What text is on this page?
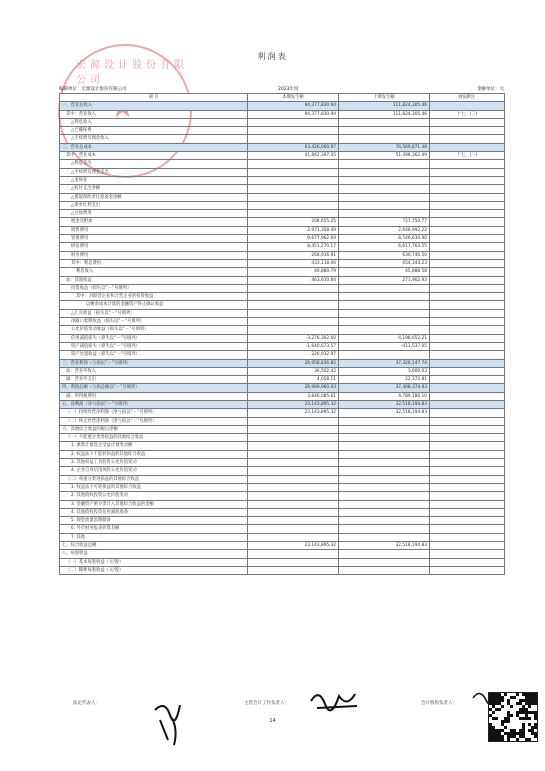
宏源设计股份有限公司
利润表
编制单位：宏源设计股份有限公司	2023年度	金额单位：元
项 目	本期发生额	上期发生额	财报附注
一、营业总收入	94,377,830.94	111,824,305.46	
其中：营业收入	94,377,830.94	111,824,305.46	十七、(三)
△利息收入			
△已赚保费			
△手续费及佣金收入			
二、营业总成本	63,426,000.97	76,569,871.38	
其中：营业成本	41,842,397.35	51,398,362.49	十七、(三)
△利息支出			
△手续费及佣金支出			
△退保金			
△赔付支出净额			
△提取保险责任准备金净额			
△保单红利支出			
△分保费用			
税金及附加	208,655.25	727,750.77	
销售费用	2,971,358.49	2,648,992.22	
管理费用	9,677,962.69	8,546,630.90	
研发费用	8,451,270.17	6,617,763.55	
财务费用	268,916.91	630,746.50	
其中：利息费用	433,118.06	654,344.23	
利息收入	40,880.79	45,888.58	
加：其他收益	463,610.84	271,902.93	
投资收益（损失以“－”号填列）			
其中：对联营企业和合营企业的投资收益			
以摊余成本计量的金融资产终止确认收益			
△汇兑收益（损失以“－”号填列）			
净敞口套期收益（损失以“－”号填列）			
公允价值变动收益（损失以“－”号填列）			
信用减值损失（损失以“－”号填列）	-3,276,302.60	-4,198,652.21	
资产减值损失（损失以“－”号填列）	-1,640,673.57	-411,537.05	
资产处置收益（损失以“－”号填列）	226,932.97	-	
三、营业利润（亏损以“－”号填列）	26,958,836.82	37,326,147.74	
加：营业外收入	36,502.42	3,600.03	
减：营业外支出	4,058.11	22,372.81	
四、利润总额（亏损总额以“－”号填列）	26,989,960.93	37,308,374.93	
减：所得税费用	3,846,085.61	4,789,180.10	
五、净利润（净亏损以“－”号填列）	23,143,895.32	32,518,194.83	
（一）持续经营净利润（净亏损以“－”号填列）	23,143,895.32	32,518,194.83	
（二）终止经营净利润（净亏损以“－”号填列）			
六、其他综合收益的税后净额			
（一）不能重分类进损益的其他综合收益			
1. 重新计量设定受益计划变动额			
2. 权益法下不能转损益的其他综合收益			
3. 其他权益工具投资公允价值变动			
4. 企业自身信用风险公允价值变动			
（二）将重分类进损益的其他综合收益			
1. 权益法下可转损益的其他综合收益			
2. 其他债权投资公允价值变动			
3. 金融资产重分类计入其他综合收益的金额			
4. 其他债权投资信用减值准备			
5. 现金流量套期储备			
6. 外币财务报表折算差额			
7. 其他			
七、综合收益总额	23,143,895.32	32,518,194.83	
八、每股收益			
（一）基本每股收益（元/股）			
（二）稀释每股收益（元/股）			
法定代表人：	主管会计工作负责人：	会计机构负责人：
14
